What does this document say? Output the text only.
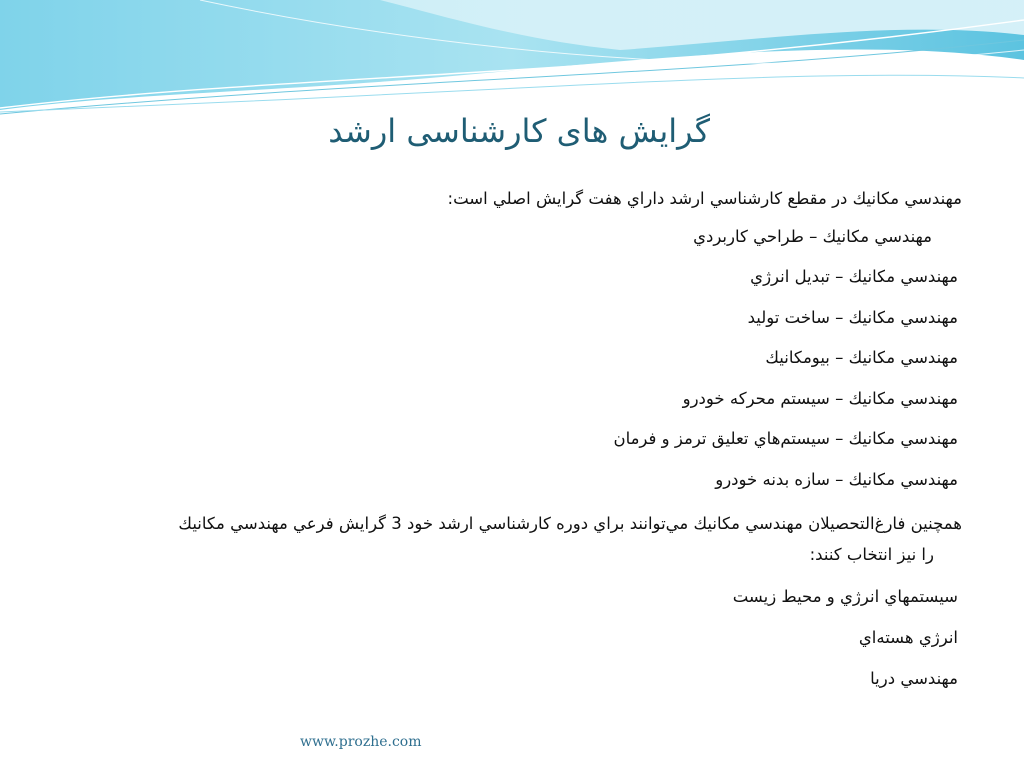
گرایش های کارشناسی ارشد
مهندسي مكانيك در مقطع كارشناسي ارشد داراي هفت گرايش اصلي است:
مهندسي مكانيك – طراحي كاربردي
مهندسي مكانيك – تبديل انرژي
مهندسي مكانيك – ساخت توليد
مهندسي مكانيك – بيومكانيك
مهندسي مكانيك – سيستم محركه خودرو
مهندسي مكانيك – سيستم‌هاي تعليق ترمز و فرمان
مهندسي مكانيك – سازه بدنه خودرو
همچنين فارغ‌التحصيلان مهندسي مكانيك مي‌توانند براي دوره كارشناسي ارشد خود 3 گرايش فرعي مهندسي مكانيك
را نيز انتخاب كنند:
سيستمهاي انرژي و محيط زيست
انرژي هسته‌اي
مهندسي دريا
www.prozhe.com
